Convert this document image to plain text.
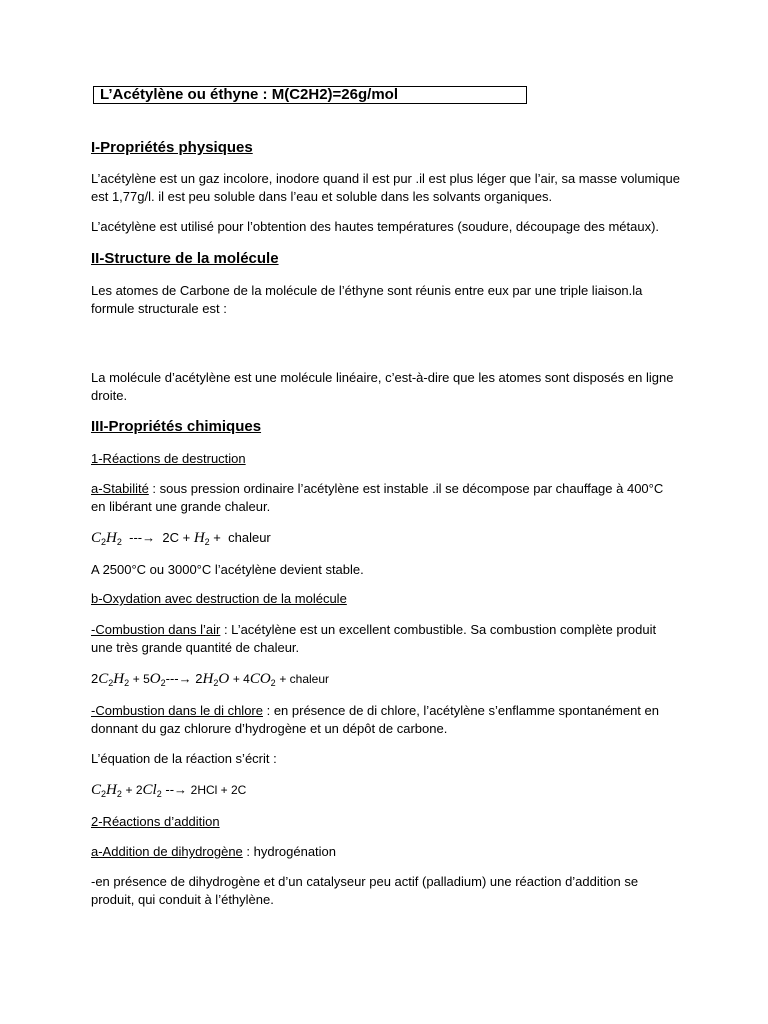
L’Acétylène ou éthyne : M(C2H2)=26g/mol
I-Propriétés physiques
L’acétylène est un gaz incolore, inodore quand il est pur .il est plus léger que l’air, sa masse volumique est 1,77g/l. il est peu soluble dans l’eau et soluble dans les solvants organiques.
L’acétylène est utilisé pour l’obtention des hautes températures (soudure, découpage des métaux).
II-Structure de la molécule
Les atomes de Carbone de la molécule de l’éthyne sont réunis entre eux par une triple liaison.la formule structurale est :
La molécule d’acétylène est une molécule linéaire, c’est-à-dire que les atomes sont disposés en ligne droite.
III-Propriétés chimiques
1-Réactions de destruction
a-Stabilité : sous pression ordinaire l’acétylène est instable .il se décompose par chauffage à 400°C en libérant une grande chaleur.
$C_2H_2$ ---→ $2C + H_2$ + chaleur
A 2500°C ou 3000°C l’acétylène devient stable.
b-Oxydation avec destruction de la molécule
-Combustion dans l’air : L’acétylène est un excellent combustible. Sa combustion complète produit une très grande quantité de chaleur.
$2C_2H_2 + 5O_2---\to 2H_2O + 4CO_2$ + chaleur
-Combustion dans le di chlore : en présence de di chlore, l’acétylène s’enflamme spontanément en donnant du gaz chlorure d’hydrogène et un dépôt de carbone.
L’équation de la réaction s’écrit :
$C_2H_2 + 2Cl_2$ --→ 2HCl + 2C
2-Réactions d’addition
a-Addition de dihydrogène : hydrogénation
-en présence de dihydrogène et d’un catalyseur peu actif (palladium) une réaction d’addition se produit, qui conduit à l’éthylène.
